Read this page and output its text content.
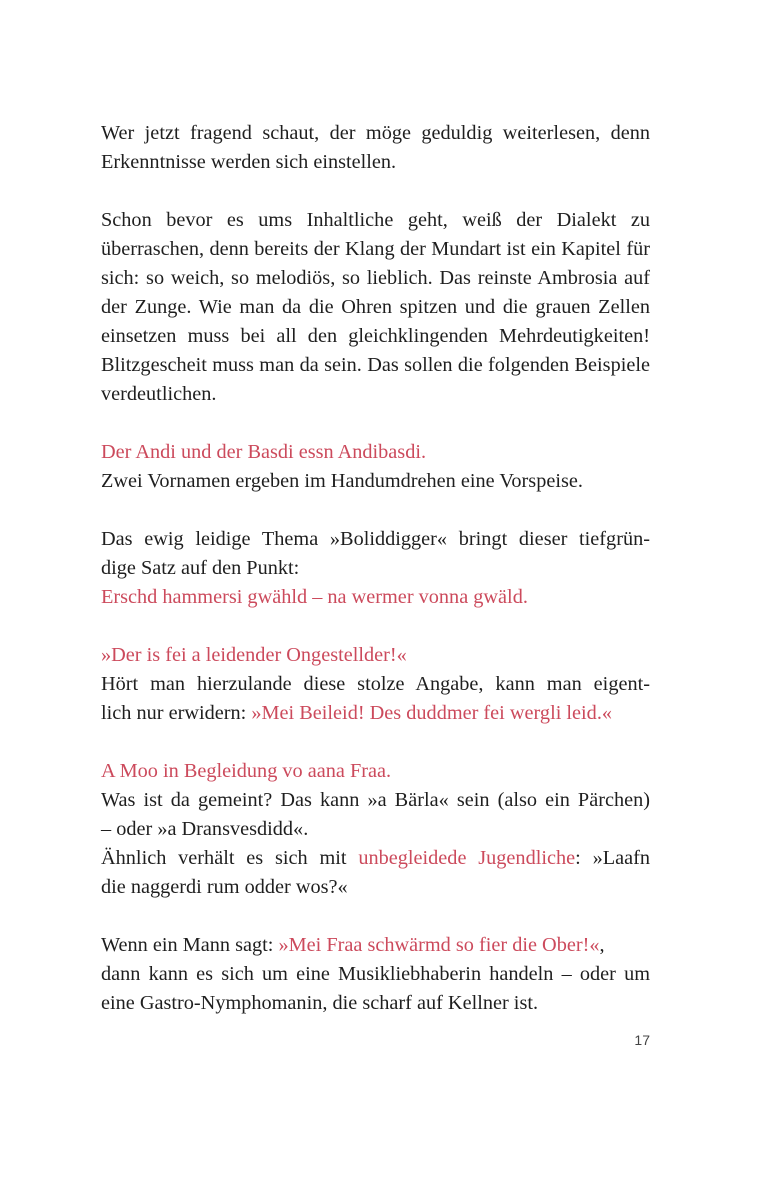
Wer jetzt fragend schaut, der möge geduldig weiterlesen, denn Erkenntnisse werden sich einstellen.

Schon bevor es ums Inhaltliche geht, weiß der Dialekt zu überraschen, denn bereits der Klang der Mundart ist ein Kapitel für sich: so weich, so melodiös, so lieblich. Das reinste Ambrosia auf der Zunge. Wie man da die Ohren spitzen und die grauen Zellen einsetzen muss bei all den gleichklingenden Mehrdeutigkeiten! Blitzgescheit muss man da sein. Das sollen die folgenden Beispiele verdeutlichen.

Der Andi und der Basdi essn Andibasdi.
Zwei Vornamen ergeben im Handumdrehen eine Vorspeise.

Das ewig leidige Thema »Boliddigger« bringt dieser tiefgrün-
dige Satz auf den Punkt:
Erschd hammersi gwähld – na wermer vonna gwäld.

»Der is fei a leidender Ongestellder!«
Hört man hierzulande diese stolze Angabe, kann man eigent-
lich nur erwidern: »Mei Beileid! Des duddmer fei wergli leid.«

A Moo in Begleidung vo aana Fraa.
Was ist da gemeint? Das kann »a Bärla« sein (also ein Pärchen)
– oder »a Dransvesdidd«.
Ähnlich verhält es sich mit unbegleidede Jugendliche: »Laafn
die naggerdi rum odder wos?«

Wenn ein Mann sagt: »Mei Fraa schwärmd so fier die Ober!«,
dann kann es sich um eine Musikliebhaberin handeln – oder um eine Gastro-Nymphomanin, die scharf auf Kellner ist.

17
